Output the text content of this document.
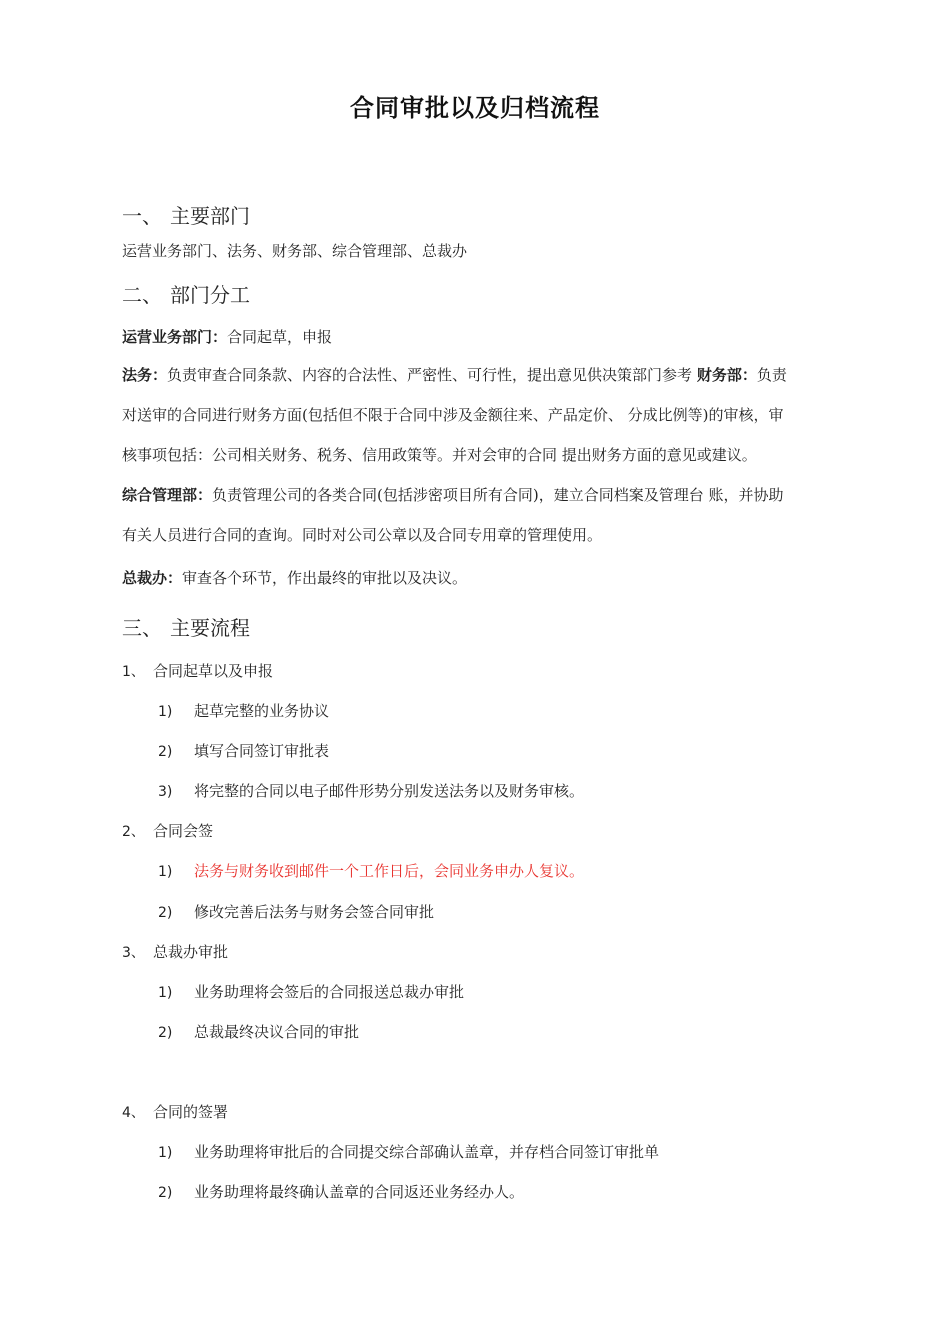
合同审批以及归档流程
一、 主要部门
运营业务部门、法务、财务部、综合管理部、总裁办
二、 部门分工
运营业务部门：合同起草，申报
法务：负责审查合同条款、内容的合法性、严密性、可行性，提出意见供决策部门参考 财务部：负责
对送审的合同进行财务方面(包括但不限于合同中涉及金额往来、产品定价、 分成比例等)的审核，审
核事项包括：公司相关财务、税务、信用政策等。并对会审的合同 提出财务方面的意见或建议。
综合管理部：负责管理公司的各类合同(包括涉密项目所有合同)，建立合同档案及管理台 账，并协助
有关人员进行合同的查询。同时对公司公章以及合同专用章的管理使用。
总裁办：审查各个环节，作出最终的审批以及决议。
三、 主要流程
1、 合同起草以及申报
1) 起草完整的业务协议
2) 填写合同签订审批表
3) 将完整的合同以电子邮件形势分别发送法务以及财务审核。
2、 合同会签
1) 法务与财务收到邮件一个工作日后，会同业务申办人复议。
2) 修改完善后法务与财务会签合同审批
3、 总裁办审批
1) 业务助理将会签后的合同报送总裁办审批
2) 总裁最终决议合同的审批
4、 合同的签署
1) 业务助理将审批后的合同提交综合部确认盖章，并存档合同签订审批单
2) 业务助理将最终确认盖章的合同返还业务经办人。
